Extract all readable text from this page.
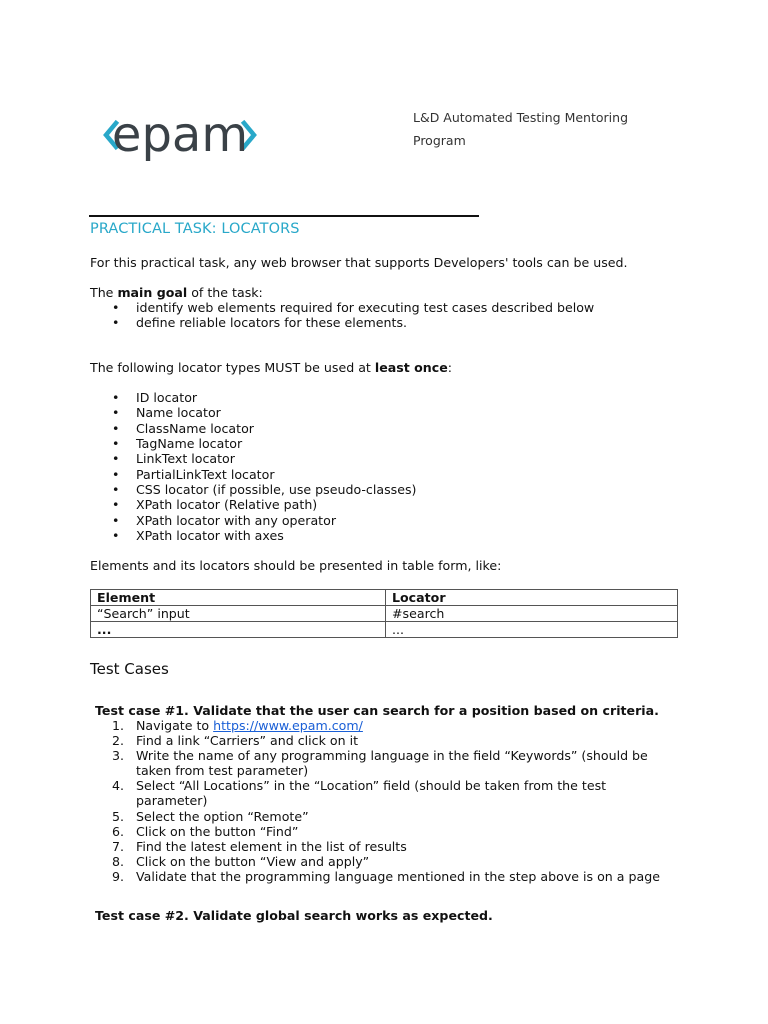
epam	L&D Automated Testing Mentoring Program
PRACTICAL TASK: LOCATORS
For this practical task, any web browser that supports Developers' tools can be used.
The main goal of the task:
• identify web elements required for executing test cases described below
• define reliable locators for these elements.
The following locator types MUST be used at least once:
• ID locator
• Name locator
• ClassName locator
• TagName locator
• LinkText locator
• PartialLinkText locator
• CSS locator (if possible, use pseudo-classes)
• XPath locator (Relative path)
• XPath locator with any operator
• XPath locator with axes
Elements and its locators should be presented in table form, like:
Element	Locator
“Search” input	#search
...	...
Test Cases
Test case #1. Validate that the user can search for a position based on criteria.
1. Navigate to https://www.epam.com/
2. Find a link “Carriers” and click on it
3. Write the name of any programming language in the field “Keywords” (should be taken from test parameter)
4. Select “All Locations” in the “Location” field (should be taken from the test parameter)
5. Select the option “Remote”
6. Click on the button “Find”
7. Find the latest element in the list of results
8. Click on the button “View and apply”
9. Validate that the programming language mentioned in the step above is on a page
Test case #2. Validate global search works as expected.
